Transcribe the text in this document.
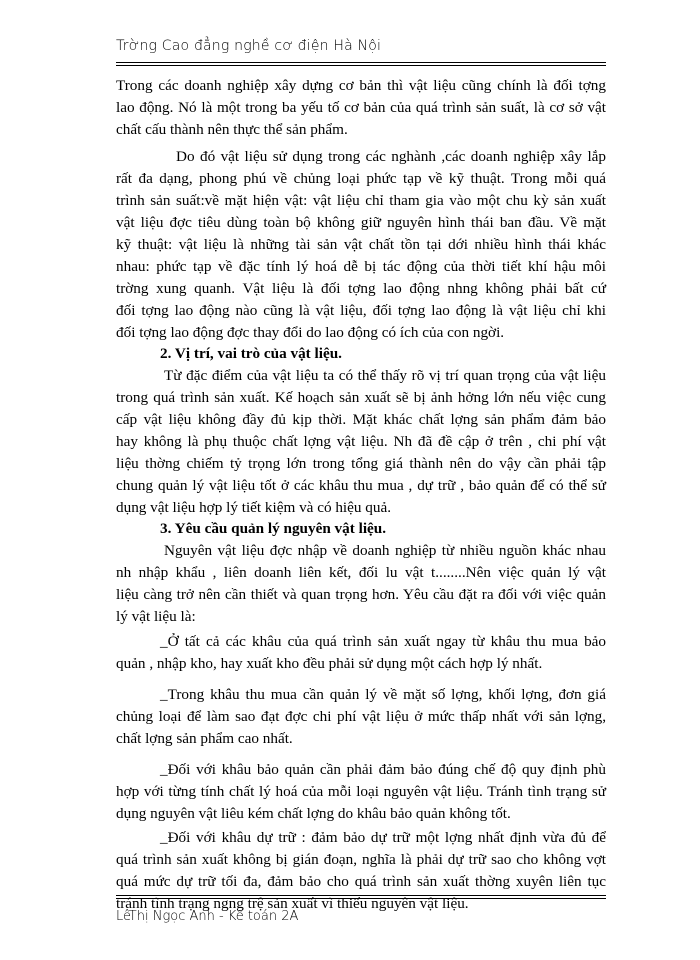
Trờng Cao đẳng nghề cơ điện Hà Nội
Trong các doanh nghiệp xây dựng cơ bản thì vật liệu cũng chính là đối tợng
lao động. Nó là một trong ba yếu tố cơ bản của quá trình sản suất, là cơ sở vật
chất cấu thành nên thực thể sản phẩm.
Do đó vật liệu sử dụng trong các nghành ,các doanh nghiệp xây lắp
rất đa dạng, phong phú về chủng loại phức tạp về kỹ thuật. Trong mỗi quá
trình sản suất:về mặt hiện vật: vật liệu chỉ tham gia vào một chu kỳ sản xuất
vật liệu đợc tiêu dùng toàn bộ không giữ nguyên hình thái ban đầu. Về mặt
kỹ thuật: vật liệu là những tài sản vật chất tồn tại dới nhiều hình thái khác
nhau: phức tạp về đặc tính lý hoá dễ bị tác động của thời tiết khí hậu môi
trờng xung quanh. Vật liệu là đối tợng lao động nhng không phải bất cứ
đối tợng lao động nào cũng là vật liệu, đối tợng lao động là vật liệu chỉ khi
đối tợng lao động đợc thay đổi do lao động có ích của con ngời.
2. Vị trí, vai trò của vật liệu.
Từ đặc điểm của vật liệu ta có thể thấy rõ vị trí quan trọng của vật liệu
trong quá trình sản xuất. Kế hoạch sản xuất sẽ bị ảnh hởng lớn nếu việc cung
cấp vật liệu không đầy đủ kịp thời. Mặt khác chất lợng sản phẩm đảm bảo
hay không là phụ thuộc chất lợng vật liệu. Nh đã đề cập ở trên , chi phí vật
liệu thờng chiếm tỷ trọng lớn trong tổng giá thành nên do vậy cần phải tập
chung quản lý vật liệu tốt ở các khâu thu mua , dự trữ , bảo quản để có thể sử
dụng vật liệu hợp lý tiết kiệm và có hiệu quả.
3. Yêu cầu quản lý nguyên vật liệu.
Nguyên vật liệu đợc nhập về doanh nghiệp từ nhiều nguồn khác nhau
nh nhập khẩu , liên doanh liên kết, đối lu vật t........Nên việc quản lý vật
liệu càng trở nên cần thiết và quan trọng hơn. Yêu cầu đặt ra đối với việc quản
lý vật liệu là:
_Ở tất cả các khâu của quá trình sản xuất ngay từ khâu thu mua bảo
quản , nhập kho, hay xuất kho đều phải sử dụng một cách hợp lý nhất.
_Trong khâu thu mua cần quản lý về mặt số lợng, khối lợng, đơn giá
chủng loại để làm sao đạt đợc chi phí vật liệu ở mức thấp nhất với sản lợng,
chất lợng sản phẩm cao nhất.
_Đối với khâu bảo quản cần phải đảm bảo đúng chế độ quy định phù
hợp với từng tính chất lý hoá của mỗi loại nguyên vật liệu. Tránh tình trạng sử
dụng nguyên vật liêu kém chất lợng do khâu bảo quản không tốt.
_Đối với khâu dự trữ : đảm bảo dự trữ một lợng nhất định vừa đủ để
quá trình sản xuất không bị gián đoạn, nghĩa là phải dự trữ sao cho không vợt
quá mức dự trữ tối đa, đảm bảo cho quá trình sản xuất thờng xuyên liên tục
tránh tình trạng ngng trệ sản xuất vì thiếu nguyên vật liệu.
LêThị Ngọc Anh - Kế toán 2A
